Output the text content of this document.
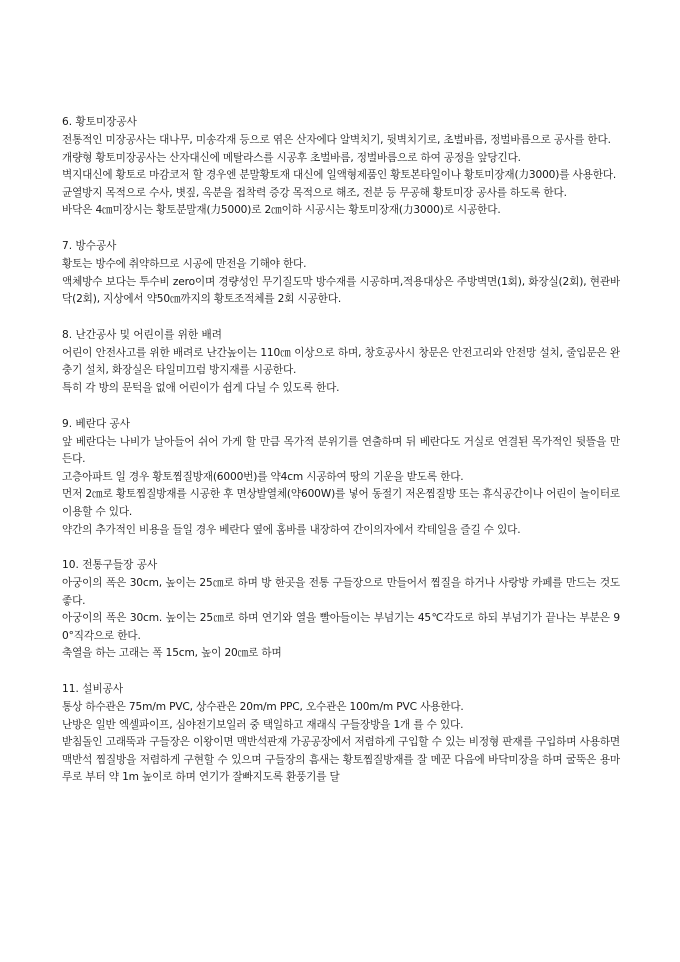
6. 황토미장공사
전통적인 미장공사는 대나무, 미송각재 등으로 엮은 산자에다 알벽치기, 뒷벽치기로, 초벌바름, 정벌바름으로 공사를 한다.
개량형 황토미장공사는 산자대신에 메탈라스를 시공후 초벌바름, 정벌바름으로 하여 공정을 앞당긴다.
벽지대신에 황토로 마감코저 할 경우엔 분말황토재 대신에 일액형제품인 황토본타일이나 황토미장재(力3000)를 사용한다.
균열방지 목적으로 수사, 볏짚, 옥분을 접착력 증강 목적으로 해조, 전분 등 무공해 황토미장 공사를 하도록 한다.
바닥은 4㎝미장시는 황토분말재(力5000)로 2㎝이하 시공시는 황토미장재(力3000)로 시공한다.
7. 방수공사
황토는 방수에 취약하므로 시공에 만전을 기해야 한다.
액체방수 보다는 투수비 zero이며 경량성인 무기질도막 방수재를 시공하며,적용대상은 주방벽면(1회), 화장실(2회), 현관바닥(2회), 지상에서 약50㎝까지의 황토조적체를 2회 시공한다.
8. 난간공사 및 어린이를 위한 배려
어린이 안전사고를 위한 배려로 난간높이는 110㎝ 이상으로 하며, 창호공사시 창문은 안전고리와 안전망 설치, 줄입문은 완충기 설치, 화장실은 타일미끄럼 방지재를 시공한다.
특히 각 방의 문턱을 없애 어린이가 쉽게 다닐 수 있도록 한다.
9. 베란다 공사
앞 베란다는 나비가 날아들어 쉬어 가게 할 만큼 목가적 분위기를 연출하며 뒤 베란다도 거실로 연결된 목가적인 뒷뜰을 만든다.
고층아파트 일 경우 황토찜질방재(6000번)를 약4cm 시공하여 땅의 기운을 받도록 한다.
먼저 2㎝로 황토찜질방재를 시공한 후 면상발열체(약600W)를 넣어 동절기 저온찜질방 또는 휴식공간이나 어린이 놀이터로 이용할 수 있다.
약간의 추가적인 비용을 들일 경우 베란다 옆에 홈바를 내장하여 간이의자에서 칵테일을 즐길 수 있다.
10. 전통구들장 공사
아궁이의 폭은 30cm, 높이는 25㎝로 하며 방 한곳을 전통 구들장으로 만들어서 찜질을 하거나 사랑방 카페를 만드는 것도 좋다.
아궁이의 폭은 30cm. 높이는 25㎝로 하며 연기와 열을 빨아들이는 부넘기는 45℃각도로 하되 부넘기가 끝나는 부분은 90°직각으로 한다.
축열을 하는 고래는 폭 15cm, 높이 20㎝로 하며
11. 설비공사
통상 하수관은 75m/m PVC, 상수관은 20m/m PPC, 오수관은 100m/m PVC 사용한다.
난방은 일반 엑셀파이프, 심야전기보일러 중 택일하고 재래식 구들장방을 1개 를 수 있다.
받침돌인 고래뚝과 구들장은 이왕이면 맥반석판재 가공공장에서 저렴하게 구입할 수 있는 비정형 판재를 구입하며 사용하면 맥반석 찜질방을 저렴하게 구현할 수 있으며 구들장의 흠새는 황토찜질방재를 잘 메꾼 다음에 바닥미장을 하며 굴뚝은 용마루로 부터 약 1m 높이로 하며 연기가 잘빠지도록 환풍기를 달
